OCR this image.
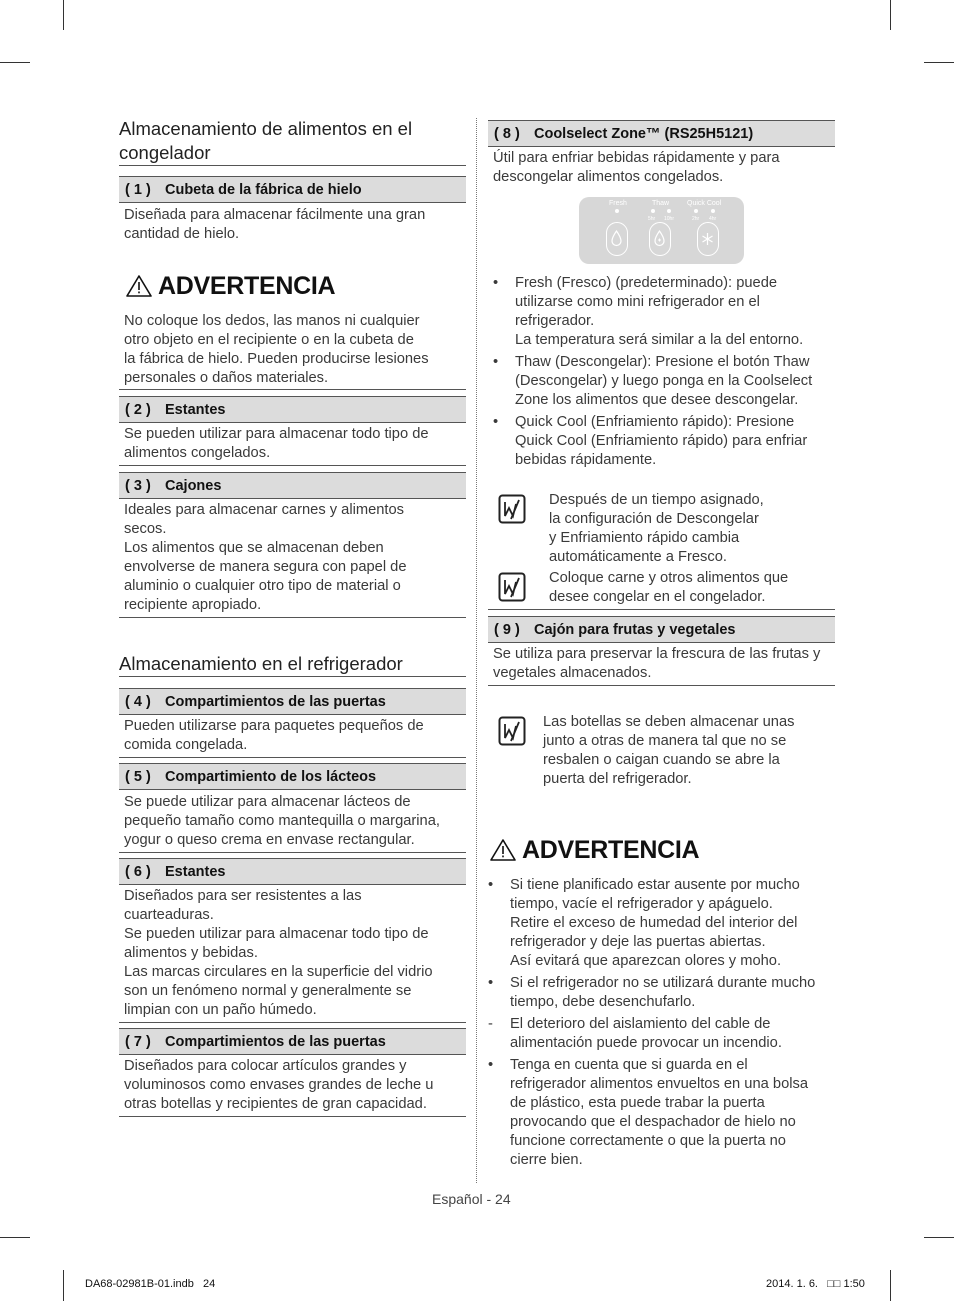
Almacenamiento de alimentos en el congelador
( 1 ) Cubeta de la fábrica de hielo
Diseñada para almacenar fácilmente una gran
cantidad de hielo.
ADVERTENCIA
No coloque los dedos, las manos ni cualquier
otro objeto en el recipiente o en la cubeta de
la fábrica de hielo. Pueden producirse lesiones
personales o daños materiales.
( 2 ) Estantes
Se pueden utilizar para almacenar todo tipo de
alimentos congelados.
( 3 ) Cajones
Ideales para almacenar carnes y alimentos
secos.
Los alimentos que se almacenan deben
envolverse de manera segura con papel de
aluminio o cualquier otro tipo de material o
recipiente apropiado.
Almacenamiento en el refrigerador
( 4 ) Compartimientos de las puertas
Pueden utilizarse para paquetes pequeños de
comida congelada.
( 5 ) Compartimiento de los lácteos
Se puede utilizar para almacenar lácteos de
pequeño tamaño como mantequilla o margarina,
yogur o queso crema en envase rectangular.
( 6 ) Estantes
Diseñados para ser resistentes a las
cuarteaduras.
Se pueden utilizar para almacenar todo tipo de
alimentos y bebidas.
Las marcas circulares en la superficie del vidrio
son un fenómeno normal y generalmente se
limpian con un paño húmedo.
( 7 ) Compartimientos de las puertas
Diseñados para colocar artículos grandes y
voluminosos como envases grandes de leche u
otras botellas y recipientes de gran capacidad.
( 8 ) Coolselect Zone™ (RS25H5121)
Útil para enfriar bebidas rápidamente y para
descongelar alimentos congelados.
Fresh	Thaw	Quick Cool
5hr 10hr	2hr 4hr
• Fresh (Fresco) (predeterminado): puede
utilizarse como mini refrigerador en el
refrigerador.
La temperatura será similar a la del entorno.
• Thaw (Descongelar): Presione el botón Thaw
(Descongelar) y luego ponga en la Coolselect
Zone los alimentos que desee descongelar.
• Quick Cool (Enfriamiento rápido): Presione
Quick Cool (Enfriamiento rápido) para enfriar
bebidas rápidamente.
Después de un tiempo asignado,
la configuración de Descongelar
y Enfriamiento rápido cambia
automáticamente a Fresco.
Coloque carne y otros alimentos que
desee congelar en el congelador.
( 9 ) Cajón para frutas y vegetales
Se utiliza para preservar la frescura de las frutas y
vegetales almacenados.
Las botellas se deben almacenar unas
junto a otras de manera tal que no se
resbalen o caigan cuando se abre la
puerta del refrigerador.
ADVERTENCIA
• Si tiene planificado estar ausente por mucho
tiempo, vacíe el refrigerador y apáguelo.
Retire el exceso de humedad del interior del
refrigerador y deje las puertas abiertas.
Así evitará que aparezcan olores y moho.
• Si el refrigerador no se utilizará durante mucho
tiempo, debe desenchufarlo.
- El deterioro del aislamiento del cable de
alimentación puede provocar un incendio.
• Tenga en cuenta que si guarda en el
refrigerador alimentos envueltos en una bolsa
de plástico, esta puede trabar la puerta
provocando que el despachador de hielo no
funcione correctamente o que la puerta no
cierre bien.
Español - 24
DA68-02981B-01.indb   24	2014. 1. 6.   □□ 1:50
